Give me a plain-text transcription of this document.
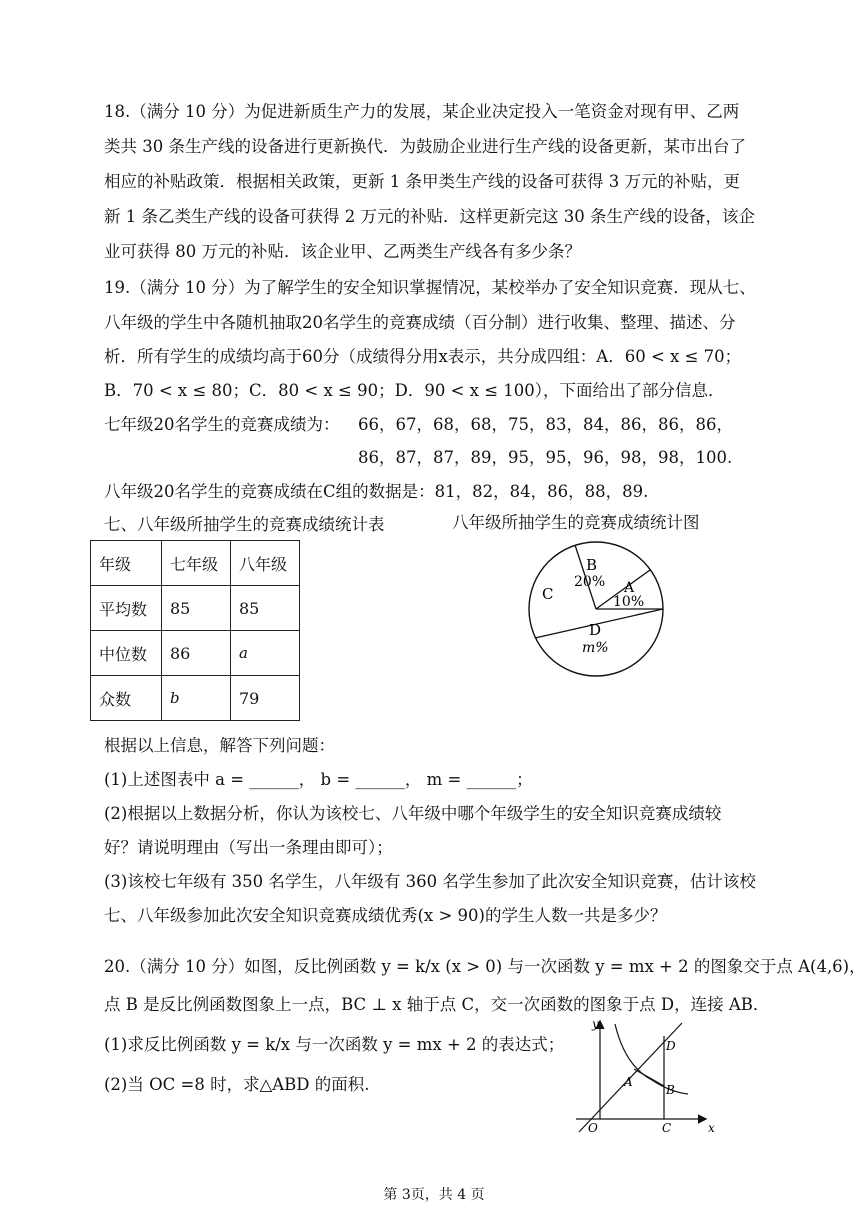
18.（满分 10 分）为促进新质生产力的发展，某企业决定投入一笔资金对现有甲、乙两
类共 30 条生产线的设备进行更新换代．为鼓励企业进行生产线的设备更新，某市出台了
相应的补贴政策．根据相关政策，更新 1 条甲类生产线的设备可获得 3 万元的补贴，更
新 1 条乙类生产线的设备可获得 2 万元的补贴．这样更新完这 30 条生产线的设备，该企
业可获得 80 万元的补贴．该企业甲、乙两类生产线各有多少条？
19.（满分 10 分）为了解学生的安全知识掌握情况，某校举办了安全知识竞赛．现从七、
八年级的学生中各随机抽取20名学生的竞赛成绩（百分制）进行收集、整理、描述、分
析．所有学生的成绩均高于60分（成绩得分用x表示，共分成四组：A．60 < x ≤ 70；
B．70 < x ≤ 80；C．80 < x ≤ 90；D．90 < x ≤ 100），下面给出了部分信息．
七年级20名学生的竞赛成绩为： 66，67，68，68，75，83，84，86，86，86，
86，87，87，89，95，95，96，98，98，100.
八年级20名学生的竞赛成绩在C组的数据是：81，82，84，86，88，89.
七、八年级所抽学生的竞赛成绩统计表	八年级所抽学生的竞赛成绩统计图
年级	七年级	八年级
平均数	85	85
中位数	86	a
众数	b	79
B
20% A
10%
C
D
m%
根据以上信息，解答下列问题：
(1)上述图表中 a = ______， b = ______， m = ______；
(2)根据以上数据分析，你认为该校七、八年级中哪个年级学生的安全知识竞赛成绩较
好？请说明理由（写出一条理由即可）；
(3)该校七年级有 350 名学生，八年级有 360 名学生参加了此次安全知识竞赛，估计该校
七、八年级参加此次安全知识竞赛成绩优秀(x > 90)的学生人数一共是多少？
20.（满分 10 分）如图，反比例函数 y = k/x (x > 0) 与一次函数 y = mx + 2 的图象交于点 A(4,6)，
点 B 是反比例函数图象上一点，BC ⊥ x 轴于点 C，交一次函数的图象于点 D，连接 AB．
(1)求反比例函数 y = k/x 与一次函数 y = mx + 2 的表达式；
(2)当 OC =8 时，求△ABD 的面积.
y
x
O
A
B
C
D
第 3页，共 4 页
